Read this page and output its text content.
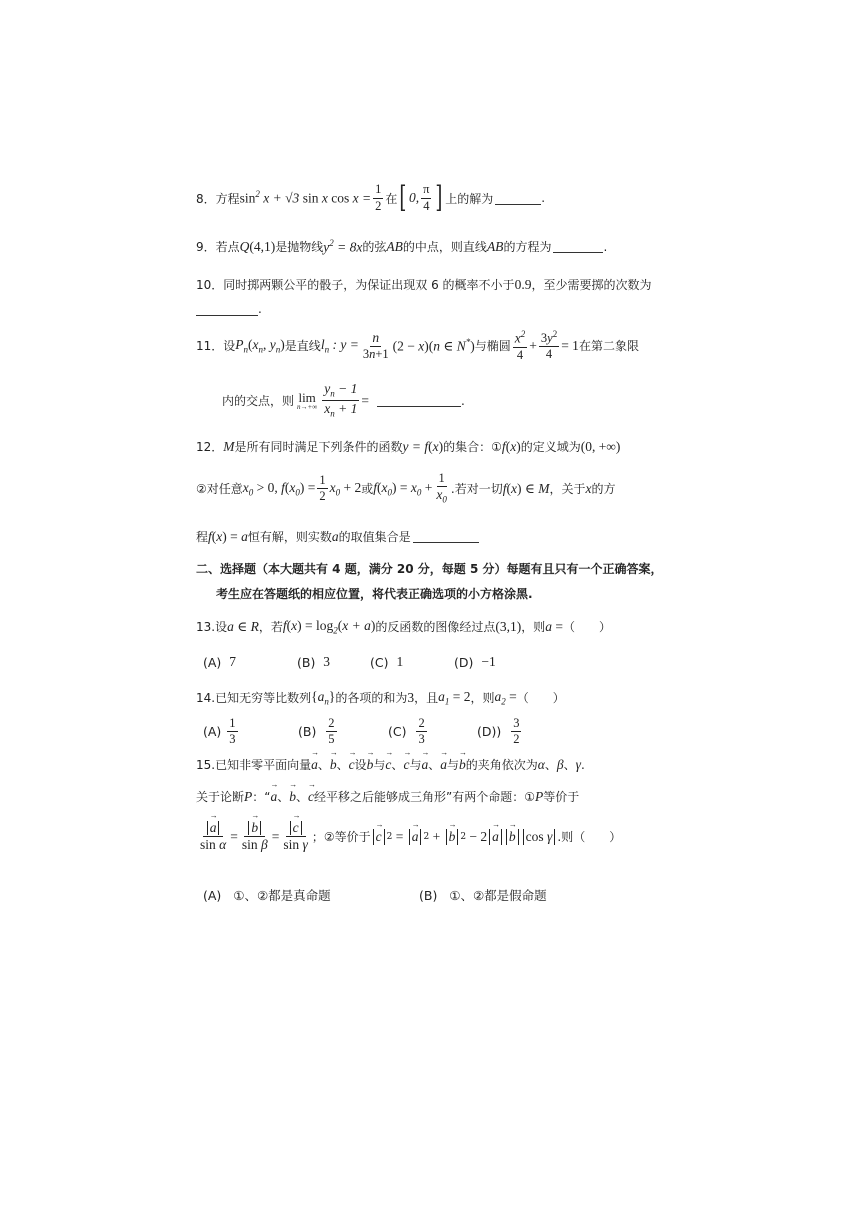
8． 方程 $\sin^2 x + √3$ sin x $\cos x = \frac{1}{2}$ 在 [ 0, $\frac{\pi}{4}$ ] 上的解为	.
9． 若点 Q(4,1) 是抛物线 $y^2 = 8x$ 的弦 AB 的中点，则直线 AB 的方程为	.
10． 同时掷两颗公平的骰子，为保证出现双 6 的概率不小于 0.9 ，至少需要掷的次数为
.
11． 设 $P_n(x_n$, $y_n$) 是直线 $l_n$ : $y = \frac{n}{3n+1} (2 - x)(n$ ∈ N*) 与椭圆 $\frac{x^2}{4} + \frac{3y^2}{4} = 1$ 在第二象限
内的交点，则 lim
$n\to+\infty \frac{y_n - 1}{x_n + 1}$ =	.
12． M 是所有同时满足下列条件的函数 y = f(x) 的集合：① f(x) 的定义域为 (0, +∞)
②对任意 $x_0 > 0$, $f(x_0) = \frac{1}{2} x_0 + 2$ 或 $f(x_0) = x_0 + \frac{1}{x_0}$ .若对一切 f(x) ∈ M ，关于 x 的方
程 f(x) = a 恒有解，则实数 a 的取值集合是
二、选择题（本大题共有 4 题，满分 20 分，每题 5 分）每题有且只有一个正确答案，
考生应在答题纸的相应位置，将代表正确选项的小方格涂黑.
13. 设 a ∈ R ，若 $f(x) = \log_2(x + a)$ 的反函数的图像经过点 (3,1) ，则 a = （　　）
(A)
7	(B)
3	(C)
1	(D)
−1
14. 已知无穷等比数列 $\{a_n\}$ 的各项的和为 3 ，且 $a_1 = 2$ ，则 $a_2$ = （　　）
(A)
$\frac{1}{3}$	(B)
$\frac{2}{5}$	(C)
$\frac{2}{3}$	(D))
$\frac{3}{2}$
15. 已知非零平面向量 → a 、 → b 、 → c 设 → b 与 → c 、 → c 与 → a 、 → a 与 → b 的夹角依次为 α 、 β 、 γ .
关于论断 P ：“ → a 、 → b 、 → c 经平移之后能够成三角形”有两个命题：① P 等价于
→ $\frac{a}{\text{sin α}}$ = → $\frac{b}{\text{sin β}}$ = → $\frac{c}{\text{sin γ}}$ ；②等价于 → c 2 = → a 2 + → b 2 − 2 → a → b cos γ .则（　　）
(A)
①、②都是真命题	(B)
①、②都是假命题
